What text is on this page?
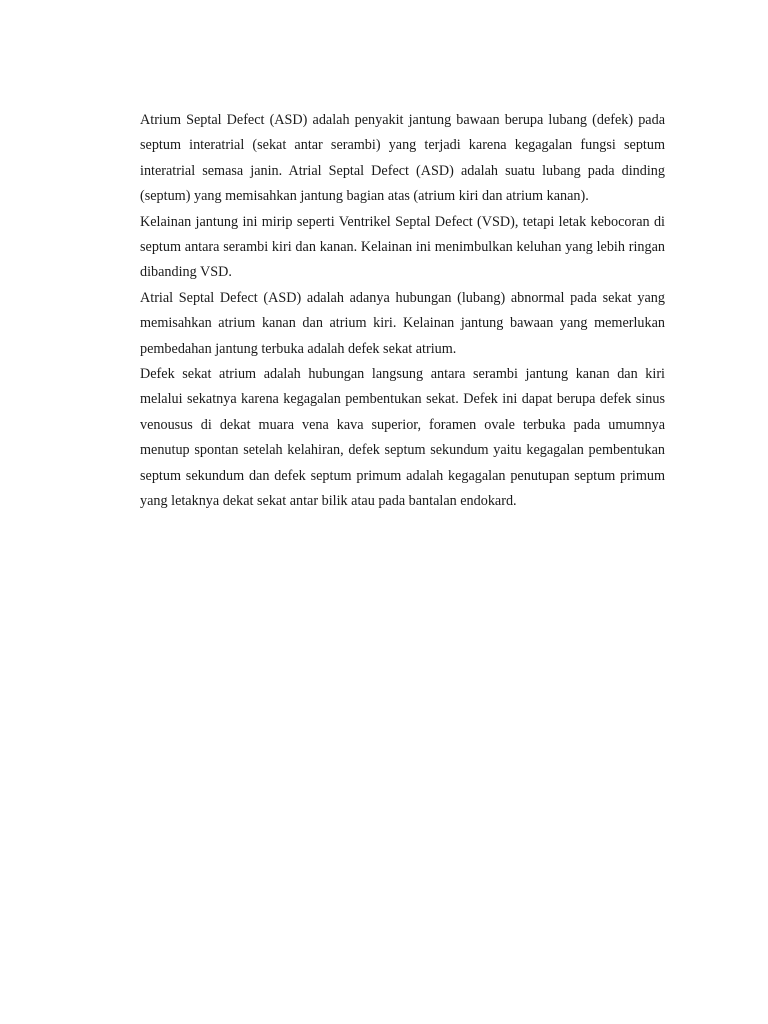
Atrium Septal Defect (ASD) adalah penyakit jantung bawaan berupa lubang (defek) pada septum interatrial (sekat antar serambi) yang terjadi karena kegagalan fungsi septum interatrial semasa janin. Atrial Septal Defect (ASD) adalah suatu lubang pada dinding (septum) yang memisahkan jantung bagian atas (atrium kiri dan atrium kanan).

Kelainan jantung ini mirip seperti Ventrikel Septal Defect (VSD), tetapi letak kebocoran di septum antara serambi kiri dan kanan. Kelainan ini menimbulkan keluhan yang lebih ringan dibanding VSD.

Atrial Septal Defect (ASD) adalah adanya hubungan (lubang) abnormal pada sekat yang memisahkan atrium kanan dan atrium kiri. Kelainan jantung bawaan yang memerlukan pembedahan jantung terbuka adalah defek sekat atrium.

Defek sekat atrium adalah hubungan langsung antara serambi jantung kanan dan kiri melalui sekatnya karena kegagalan pembentukan sekat. Defek ini dapat berupa defek sinus venousus di dekat muara vena kava superior, foramen ovale terbuka pada umumnya menutup spontan setelah kelahiran, defek septum sekundum yaitu kegagalan pembentukan septum sekundum dan defek septum primum adalah kegagalan penutupan septum primum yang letaknya dekat sekat antar bilik atau pada bantalan endokard.
